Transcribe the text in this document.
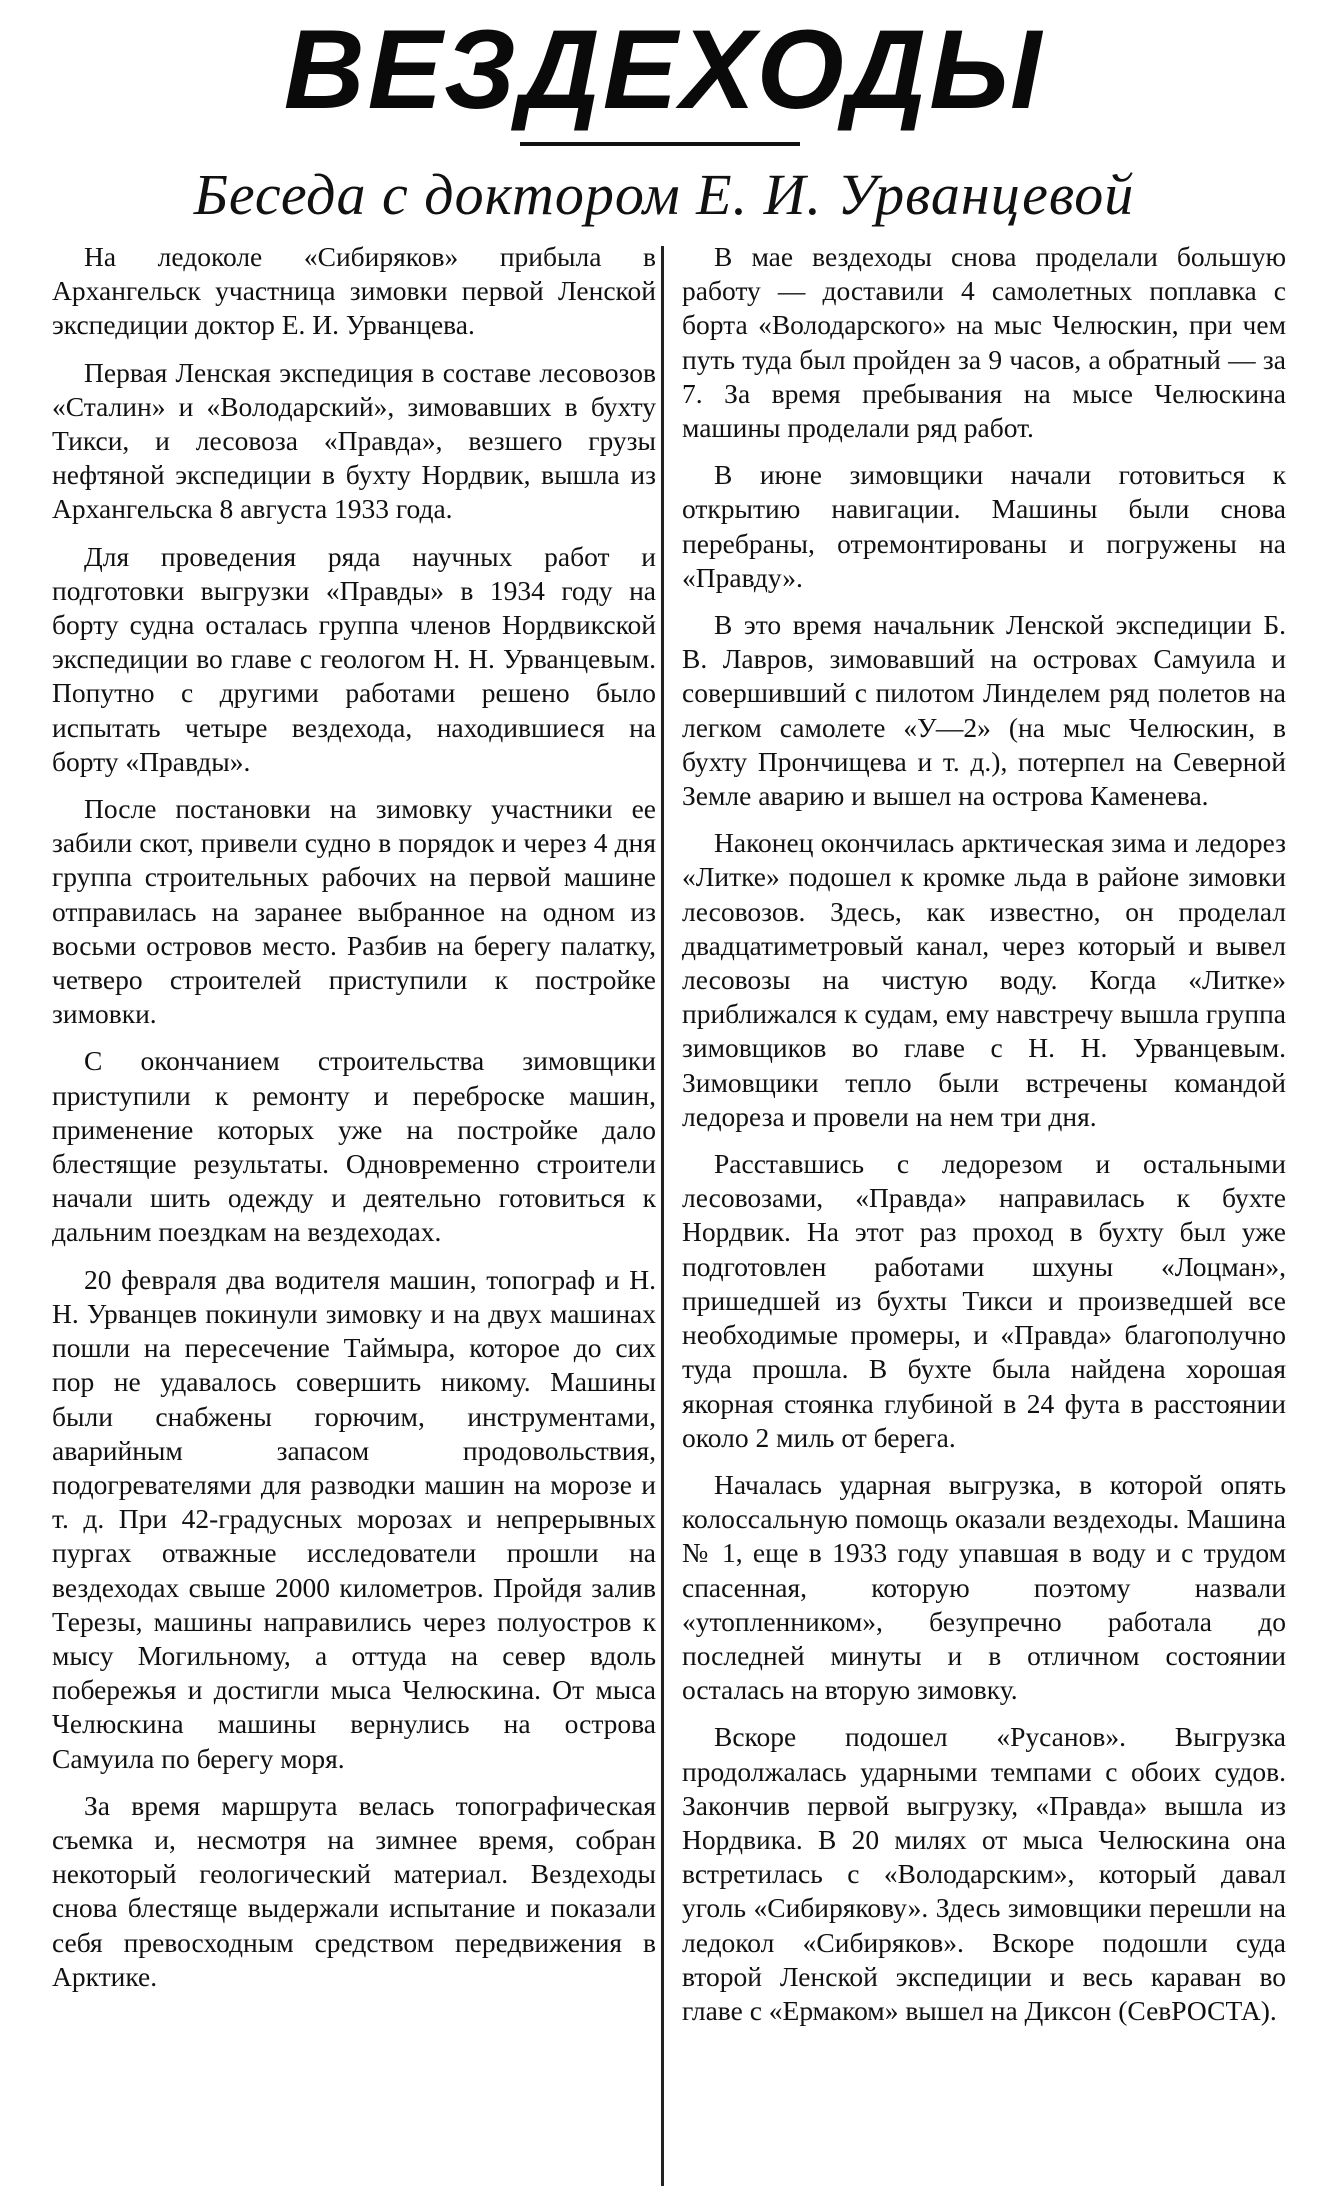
ВЕЗДЕХОДЫ
Беседа с доктором Е. И. Урванцевой

На ледоколе «Сибиряков» прибыла в Архангельск участница зимовки первой Ленской экспедиции доктор Е. И. Урванцева.

Первая Ленская экспедиция в составе лесовозов «Сталин» и «Володарский», зимовавших в бухту Тикси, и лесовоза «Правда», везшего грузы нефтяной экспедиции в бухту Нордвик, вышла из Архангельска 8 августа 1933 года.

Для проведения ряда научных работ и подготовки выгрузки «Правды» в 1934 году на борту судна осталась группа членов Нордвикской экспедиции во главе с геологом Н. Н. Урванцевым. Попутно с другими работами решено было испытать четыре вездехода, находившиеся на борту «Правды».

После постановки на зимовку участники ее забили скот, привели судно в порядок и через 4 дня группа строительных рабочих на первой машине отправилась на заранее выбранное на одном из восьми островов место. Разбив на берегу палатку, четверо строителей приступили к постройке зимовки.

С окончанием строительства зимовщики приступили к ремонту и переброске машин, применение которых уже на постройке дало блестящие результаты. Одновременно строители начали шить одежду и деятельно готовиться к дальним поездкам на вездеходах.

20 февраля два водителя машин, топограф и Н. Н. Урванцев покинули зимовку и на двух машинах пошли на пересечение Таймыра, которое до сих пор не удавалось совершить никому. Машины были снабжены горючим, инструментами, аварийным запасом продовольствия, подогревателями для разводки машин на морозе и т. д. При 42-градусных морозах и непрерывных пургах отважные исследователи прошли на вездеходах свыше 2000 километров. Пройдя залив Терезы, машины направились через полуостров к мысу Могильному, а оттуда на север вдоль побережья и достигли мыса Челюскина. От мыса Челюскина машины вернулись на острова Самуила по берегу моря.

За время маршрута велась топографическая съемка и, несмотря на зимнее время, собран некоторый геологический материал. Вездеходы снова блестяще выдержали испытание и показали себя превосходным средством передвижения в Арктике.

В мае вездеходы снова проделали большую работу — доставили 4 самолетных поплавка с борта «Володарского» на мыс Челюскин, при чем путь туда был пройден за 9 часов, а обратный — за 7. За время пребывания на мысе Челюскина машины проделали ряд работ.

В июне зимовщики начали готовиться к открытию навигации. Машины были снова перебраны, отремонтированы и погружены на «Правду».

В это время начальник Ленской экспедиции Б. В. Лавров, зимовавший на островах Самуила и совершивший с пилотом Линделем ряд полетов на легком самолете «У—2» (на мыс Челюскин, в бухту Прончищева и т. д.), потерпел на Северной Земле аварию и вышел на острова Каменева.

Наконец окончилась арктическая зима и ледорез «Литке» подошел к кромке льда в районе зимовки лесовозов. Здесь, как известно, он проделал двадцатиметровый канал, через который и вывел лесовозы на чистую воду. Когда «Литке» приближался к судам, ему навстречу вышла группа зимовщиков во главе с Н. Н. Урванцевым. Зимовщики тепло были встречены командой ледореза и провели на нем три дня.

Расставшись с ледорезом и остальными лесовозами, «Правда» направилась к бухте Нордвик. На этот раз проход в бухту был уже подготовлен работами шхуны «Лоцман», пришедшей из бухты Тикси и произведшей все необходимые промеры, и «Правда» благополучно туда прошла. В бухте была найдена хорошая якорная стоянка глубиной в 24 фута в расстоянии около 2 миль от берега.

Началась ударная выгрузка, в которой опять колоссальную помощь оказали вездеходы. Машина № 1, еще в 1933 году упавшая в воду и с трудом спасенная, которую поэтому назвали «утопленником», безупречно работала до последней минуты и в отличном состоянии осталась на вторую зимовку.

Вскоре подошел «Русанов». Выгрузка продолжалась ударными темпами с обоих судов. Закончив первой выгрузку, «Правда» вышла из Нордвика. В 20 милях от мыса Челюскина она встретилась с «Володарским», который давал уголь «Сибирякову». Здесь зимовщики перешли на ледокол «Сибиряков». Вскоре подошли суда второй Ленской экспедиции и весь караван во главе с «Ермаком» вышел на Диксон (СевРОСТА).
